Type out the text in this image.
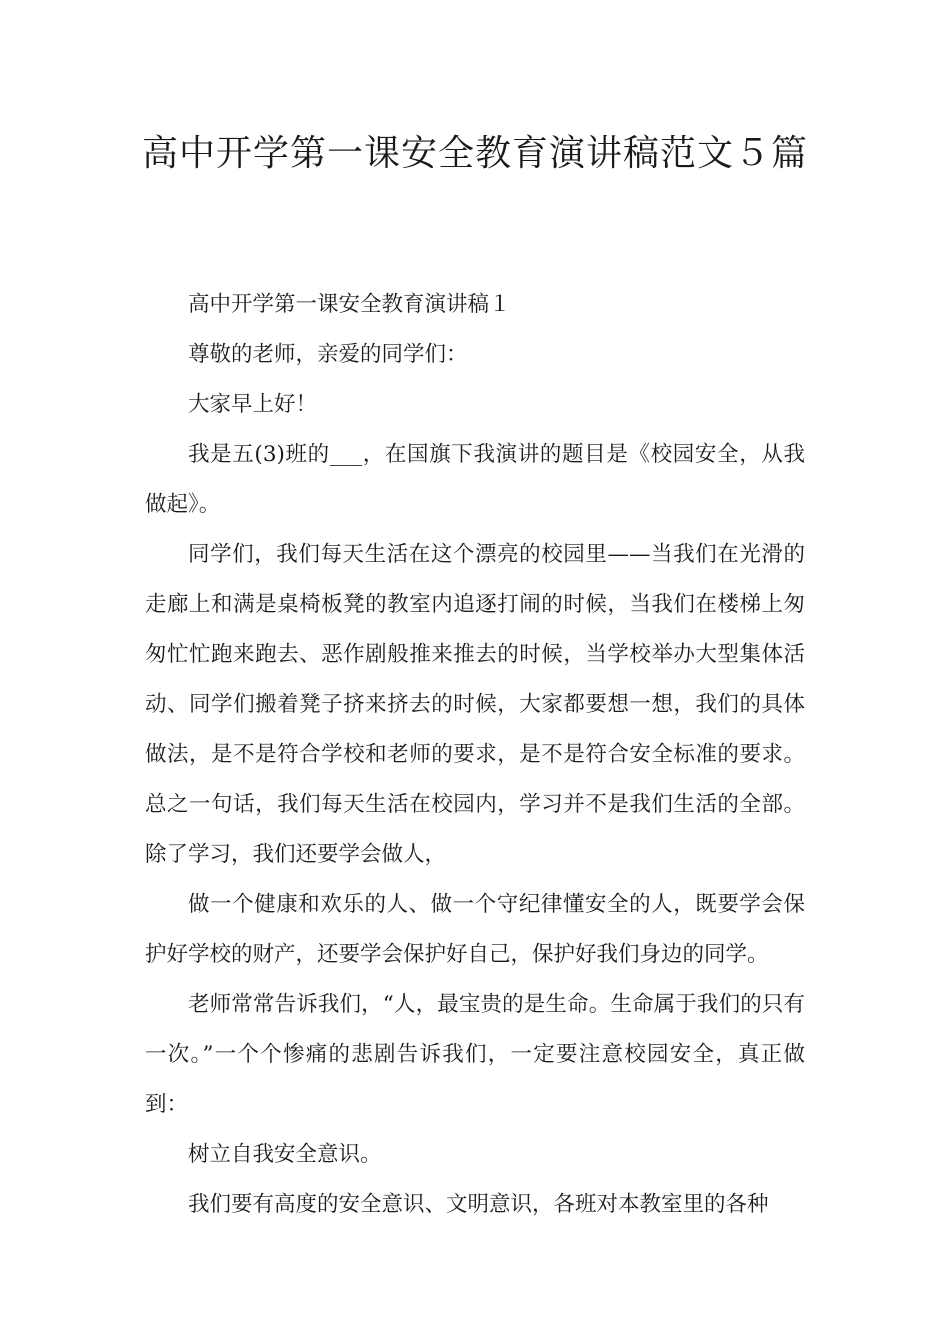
高中开学第一课安全教育演讲稿范文５篇

高中开学第一课安全教育演讲稿１

尊敬的老师，亲爱的同学们：

大家早上好！

我是五(3)班的___，在国旗下我演讲的题目是《校园安全，从我做起》。

同学们，我们每天生活在这个漂亮的校园里——当我们在光滑的走廊上和满是桌椅板凳的教室内追逐打闹的时候，当我们在楼梯上匆匆忙忙跑来跑去、恶作剧般推来推去的时候，当学校举办大型集体活动、同学们搬着凳子挤来挤去的时候，大家都要想一想，我们的具体做法，是不是符合学校和老师的要求，是不是符合安全标准的要求。总之一句话，我们每天生活在校园内，学习并不是我们生活的全部。除了学习，我们还要学会做人，

做一个健康和欢乐的人、做一个守纪律懂安全的人，既要学会保护好学校的财产，还要学会保护好自己，保护好我们身边的同学。

老师常常告诉我们，“人，最宝贵的是生命。生命属于我们的只有一次。”一个个惨痛的悲剧告诉我们，一定要注意校园安全，真正做到：

树立自我安全意识。

我们要有高度的安全意识、文明意识，各班对本教室里的各种
